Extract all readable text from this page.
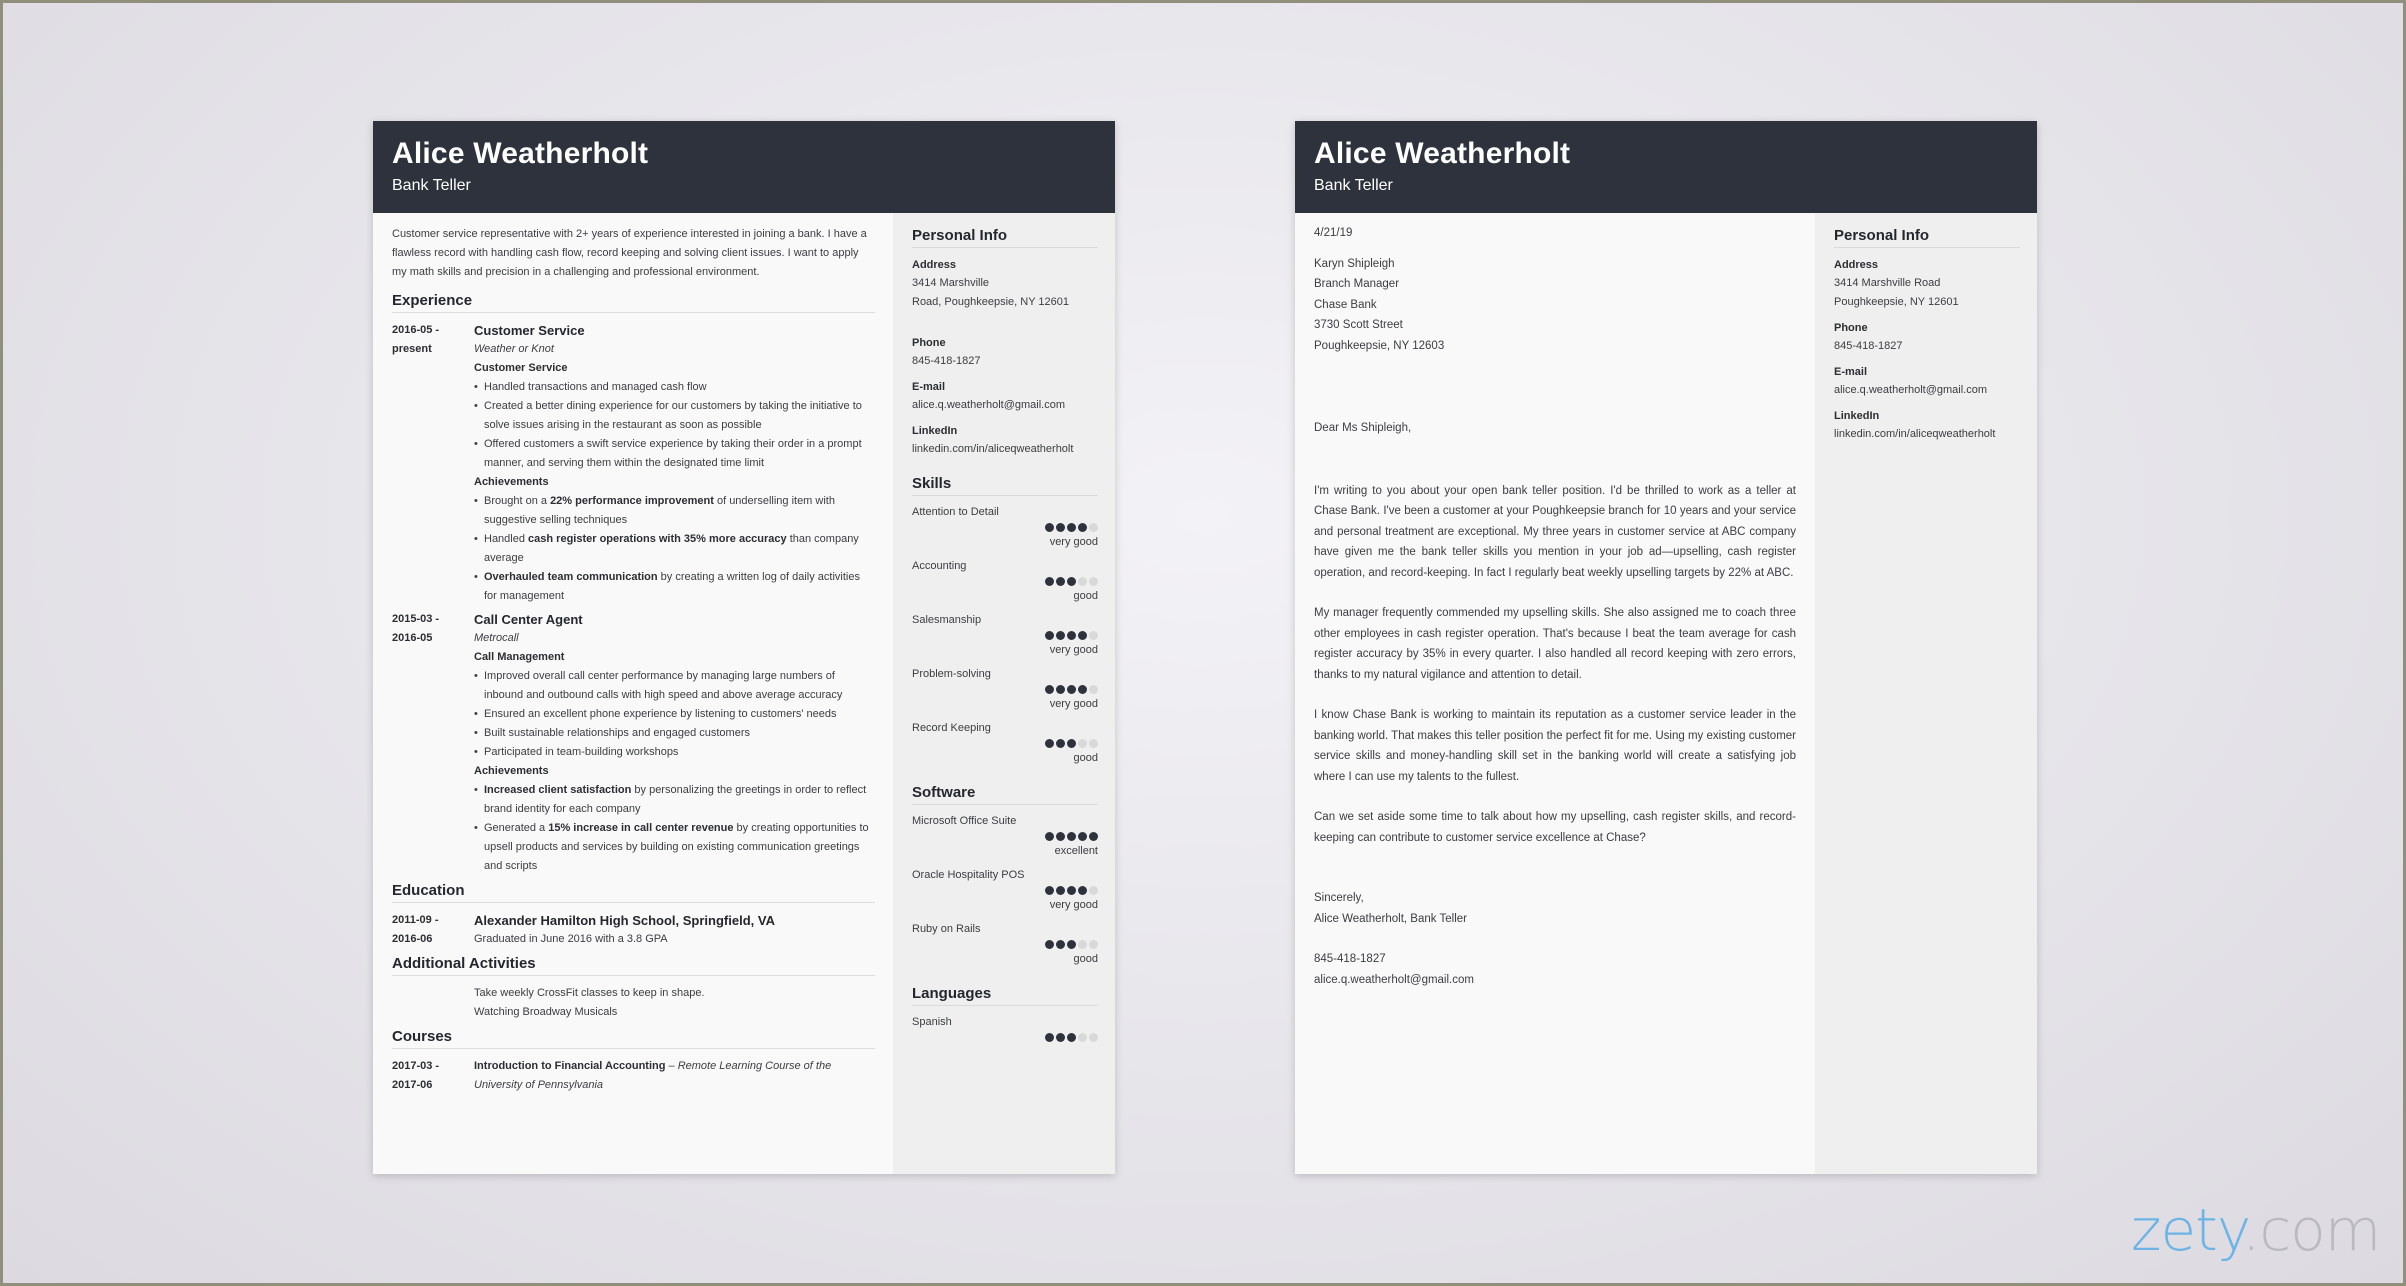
Alice Weatherholt
Bank Teller

Customer service representative with 2+ years of experience interested in joining a bank. I have a flawless record with handling cash flow, record keeping and solving client issues. I want to apply my math skills and precision in a challenging and professional environment.

Experience
2016-05 -
present
Customer Service
Weather or Knot
Customer Service
• Handled transactions and managed cash flow
• Created a better dining experience for our customers by taking the initiative to solve issues arising in the restaurant as soon as possible
• Offered customers a swift service experience by taking their order in a prompt manner, and serving them within the designated time limit
Achievements
• Brought on a 22% performance improvement of underselling item with suggestive selling techniques
• Handled cash register operations with 35% more accuracy than company average
• Overhauled team communication by creating a written log of daily activities for management
2015-03 -
2016-05
Call Center Agent
Metrocall
Call Management
• Improved overall call center performance by managing large numbers of inbound and outbound calls with high speed and above average accuracy
• Ensured an excellent phone experience by listening to customers' needs
• Built sustainable relationships and engaged customers
• Participated in team-building workshops
Achievements
• Increased client satisfaction by personalizing the greetings in order to reflect brand identity for each company
• Generated a 15% increase in call center revenue by creating opportunities to upsell products and services by building on existing communication greetings and scripts
Education
2011-09 -
2016-06
Alexander Hamilton High School, Springfield, VA
Graduated in June 2016 with a 3.8 GPA
Additional Activities
Take weekly CrossFit classes to keep in shape.
Watching Broadway Musicals
Courses
2017-03 -
2017-06
Introduction to Financial Accounting – Remote Learning Course of the University of Pennsylvania
Personal Info
Address
3414 Marshville
Road, Poughkeepsie, NY 12601
Phone
845-418-1827
E-mail
alice.q.weatherholt@gmail.com
LinkedIn
linkedin.com/in/aliceqweatherholt
Skills
Attention to Detail
very good
Accounting
good
Salesmanship
very good
Problem-solving
very good
Record Keeping
good
Software
Microsoft Office Suite
excellent
Oracle Hospitality POS
very good
Ruby on Rails
good
Languages
Spanish
Alice Weatherholt
Bank Teller
4/21/19
Karyn Shipleigh
Branch Manager
Chase Bank
3730 Scott Street
Poughkeepsie, NY 12603
Dear Ms Shipleigh,

I'm writing to you about your open bank teller position. I'd be thrilled to work as a teller at Chase Bank. I've been a customer at your Poughkeepsie branch for 10 years and your service and personal treatment are exceptional. My three years in customer service at ABC company have given me the bank teller skills you mention in your job ad—upselling, cash register operation, and record-keeping. In fact I regularly beat weekly upselling targets by 22% at ABC.

My manager frequently commended my upselling skills. She also assigned me to coach three other employees in cash register operation. That's because I beat the team average for cash register accuracy by 35% in every quarter. I also handled all record keeping with zero errors, thanks to my natural vigilance and attention to detail.

I know Chase Bank is working to maintain its reputation as a customer service leader in the banking world. That makes this teller position the perfect fit for me. Using my existing customer service skills and money-handling skill set in the banking world will create a satisfying job where I can use my talents to the fullest.

Can we set aside some time to talk about how my upselling, cash register skills, and record-keeping can contribute to customer service excellence at Chase?

Sincerely,
Alice Weatherholt, Bank Teller
845-418-1827
alice.q.weatherholt@gmail.com
Personal Info
Address
3414 Marshville Road
Poughkeepsie, NY 12601
Phone
845-418-1827
E-mail
alice.q.weatherholt@gmail.com
LinkedIn
linkedin.com/in/aliceqweatherholt
zety.com
